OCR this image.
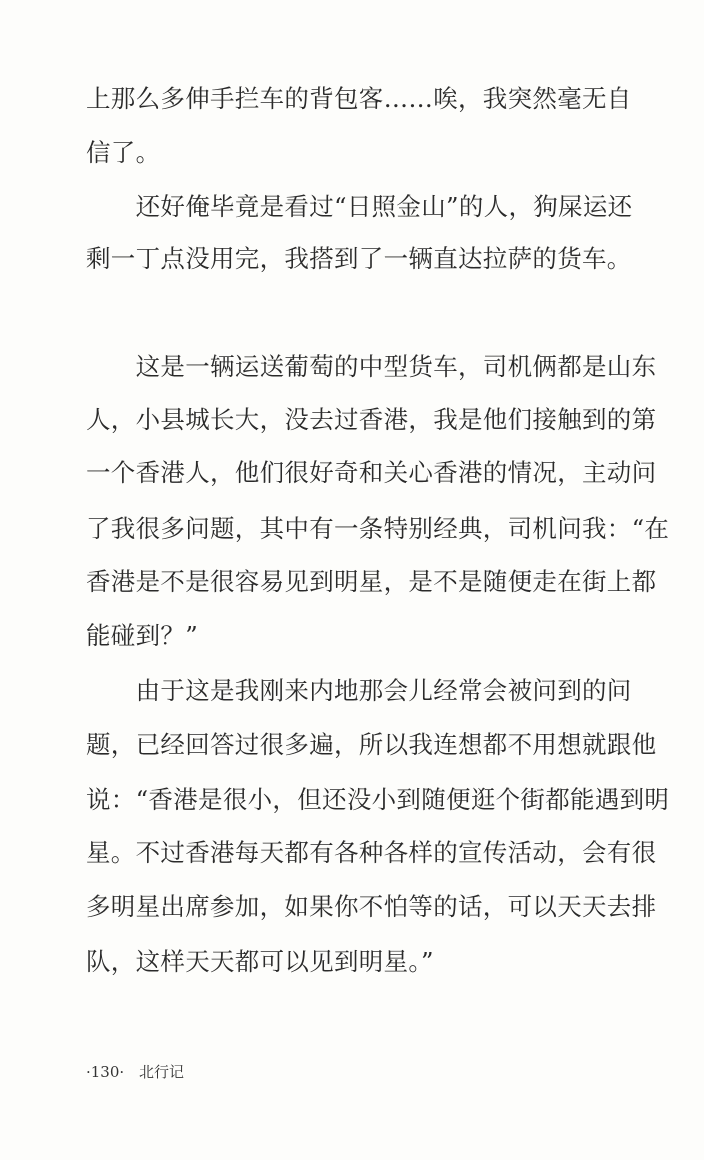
上那么多伸手拦车的背包客……唉，我突然毫无自
信了。
　　还好俺毕竟是看过“日照金山”的人，狗屎运还
剩一丁点没用完，我搭到了一辆直达拉萨的货车。
　　这是一辆运送葡萄的中型货车，司机俩都是山东
人，小县城长大，没去过香港，我是他们接触到的第
一个香港人，他们很好奇和关心香港的情况，主动问
了我很多问题，其中有一条特别经典，司机问我：“在
香港是不是很容易见到明星，是不是随便走在街上都
能碰到？”
　　由于这是我刚来内地那会儿经常会被问到的问
题，已经回答过很多遍，所以我连想都不用想就跟他
说：“香港是很小，但还没小到随便逛个街都能遇到明
星。不过香港每天都有各种各样的宣传活动，会有很
多明星出席参加，如果你不怕等的话，可以天天去排
队，这样天天都可以见到明星。”
·130· 北行记
